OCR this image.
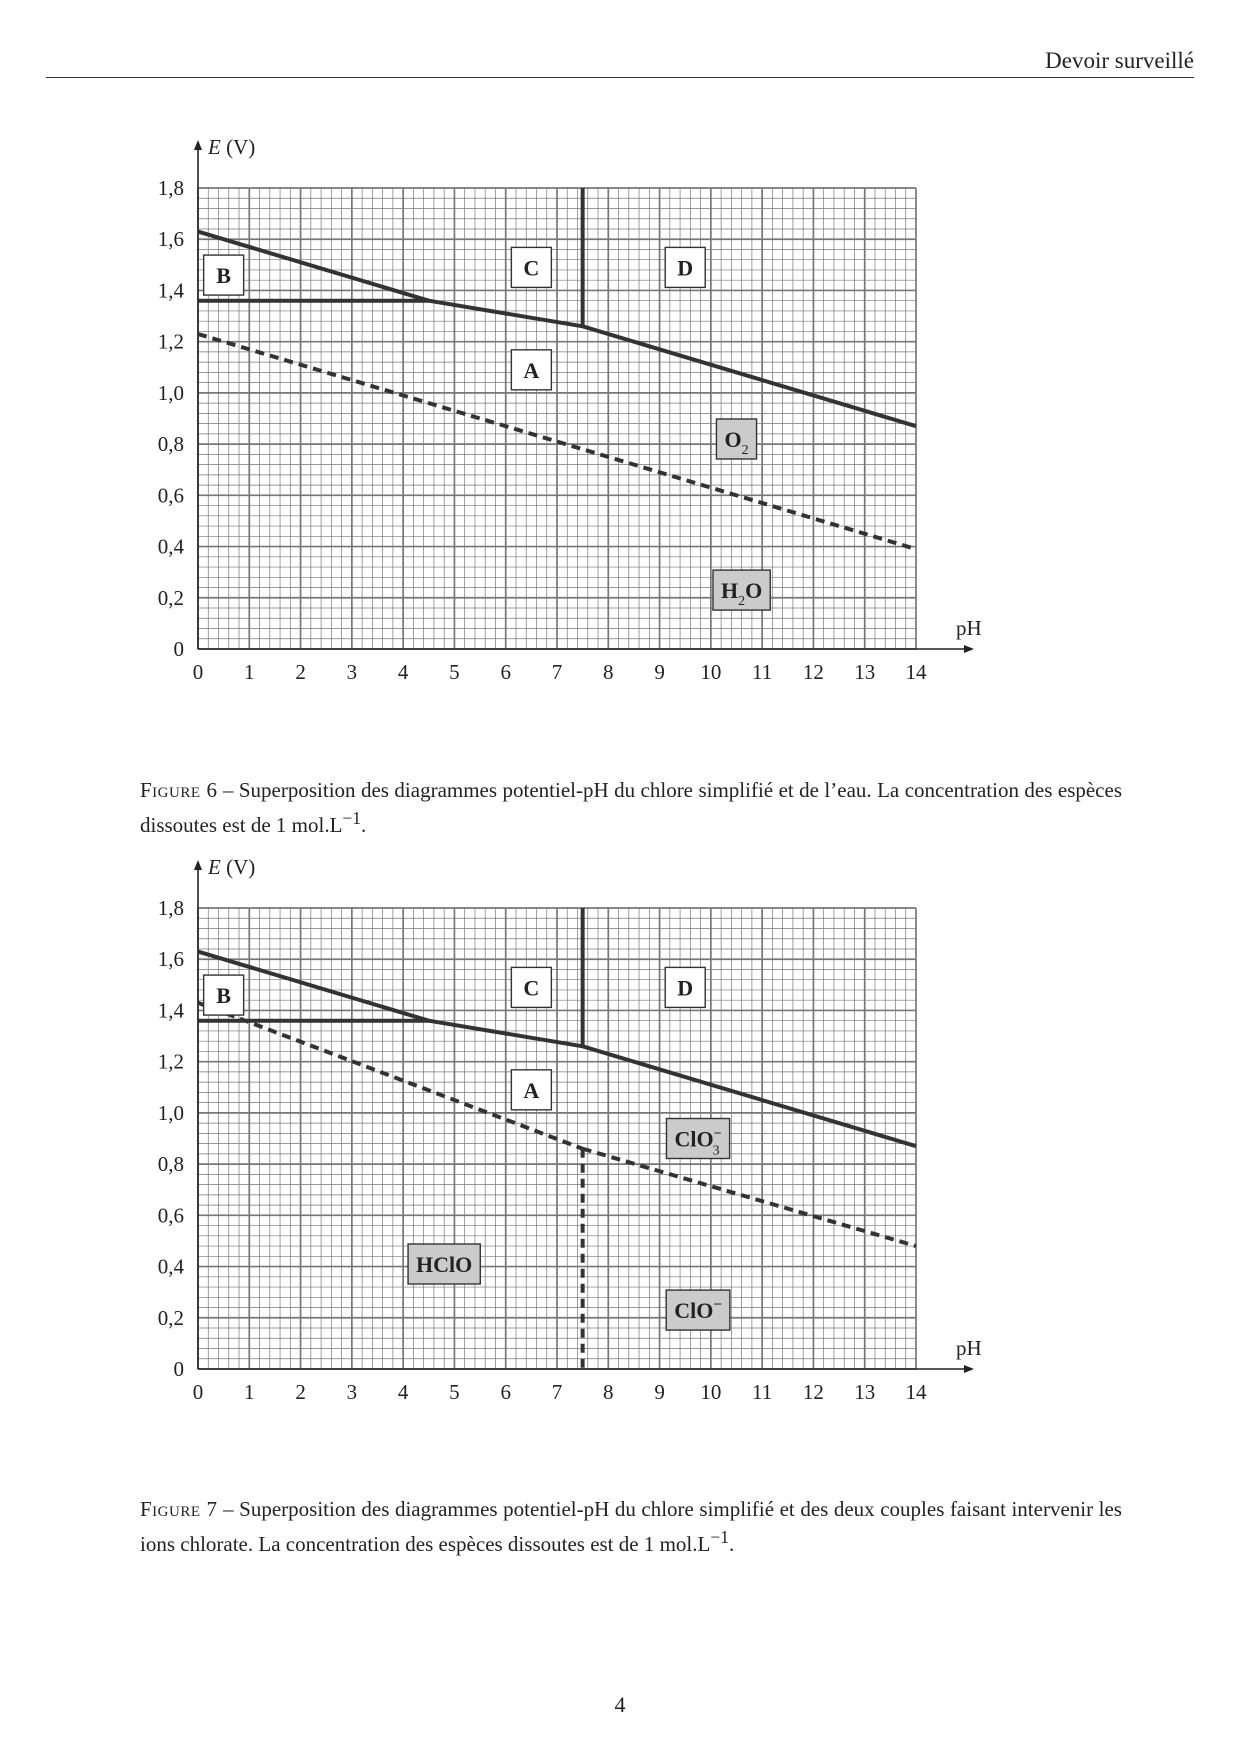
Devoir surveillé
0 1 2 3 4 5 6 7 8 9 10 11 12 13 14
0
0,2
0,4
0,6
0,8
1,0
1,2
1,4
1,6
1,8
E (V)
pH
B	C	D
A
$O_2$
$H_2O$
Figure 6 – Superposition des diagrammes potentiel-pH du chlore simplifié et de l’eau. La concentration des espèces dissoutes est de 1 $mol.L^{-1}$.
0 1 2 3 4 5 6 7 8 9 10 11 12 13 14
0
0,2
0,4
0,6
0,8
1,0
1,2
1,4
1,6
1,8
E (V)
pH
B	C	D
A
ClO− 3
ClO−
HClO
Figure 7 – Superposition des diagrammes potentiel-pH du chlore simplifié et des deux couples faisant intervenir les ions chlorate. La concentration des espèces dissoutes est de 1 $mol.L^{-1}$.
4
